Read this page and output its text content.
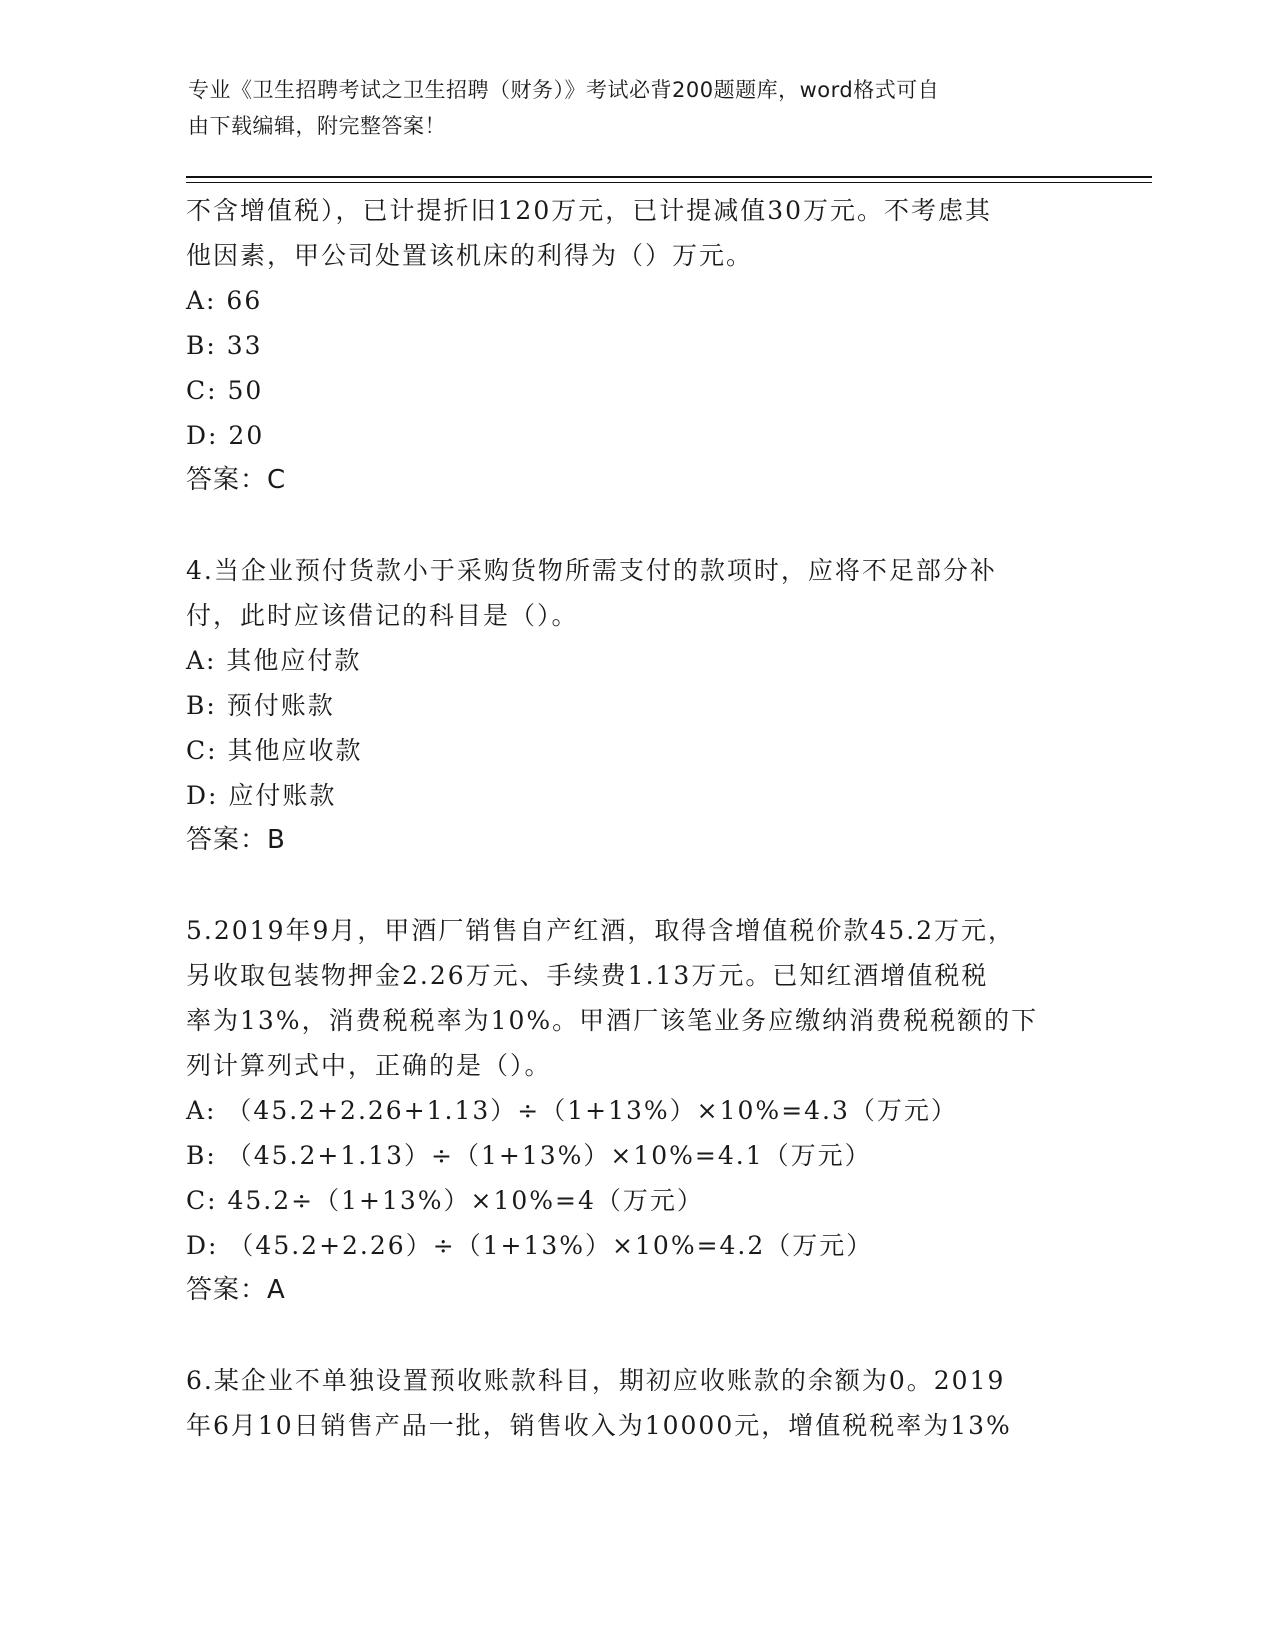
专业《卫生招聘考试之卫生招聘（财务）》考试必背200题题库，word格式可自
由下载编辑，附完整答案！
不含增值税），已计提折旧120万元，已计提减值30万元。不考虑其
他因素，甲公司处置该机床的利得为（）万元。
A: 66
B: 33
C: 50
D: 20
答案：C
4.当企业预付货款小于采购货物所需支付的款项时，应将不足部分补
付，此时应该借记的科目是（）。
A: 其他应付款
B: 预付账款
C: 其他应收款
D: 应付账款
答案：B
5.2019年9月，甲酒厂销售自产红酒，取得含增值税价款45.2万元，
另收取包装物押金2.26万元、手续费1.13万元。已知红酒增值税税
率为13%，消费税税率为10%。甲酒厂该笔业务应缴纳消费税税额的下
列计算列式中，正确的是（）。
A: （45.2+2.26+1.13）÷（1+13%）×10%=4.3（万元）
B: （45.2+1.13）÷（1+13%）×10%=4.1（万元）
C: 45.2÷（1+13%）×10%=4（万元）
D: （45.2+2.26）÷（1+13%）×10%=4.2（万元）
答案：A
6.某企业不单独设置预收账款科目，期初应收账款的余额为0。2019
年6月10日销售产品一批，销售收入为10000元，增值税税率为13%
